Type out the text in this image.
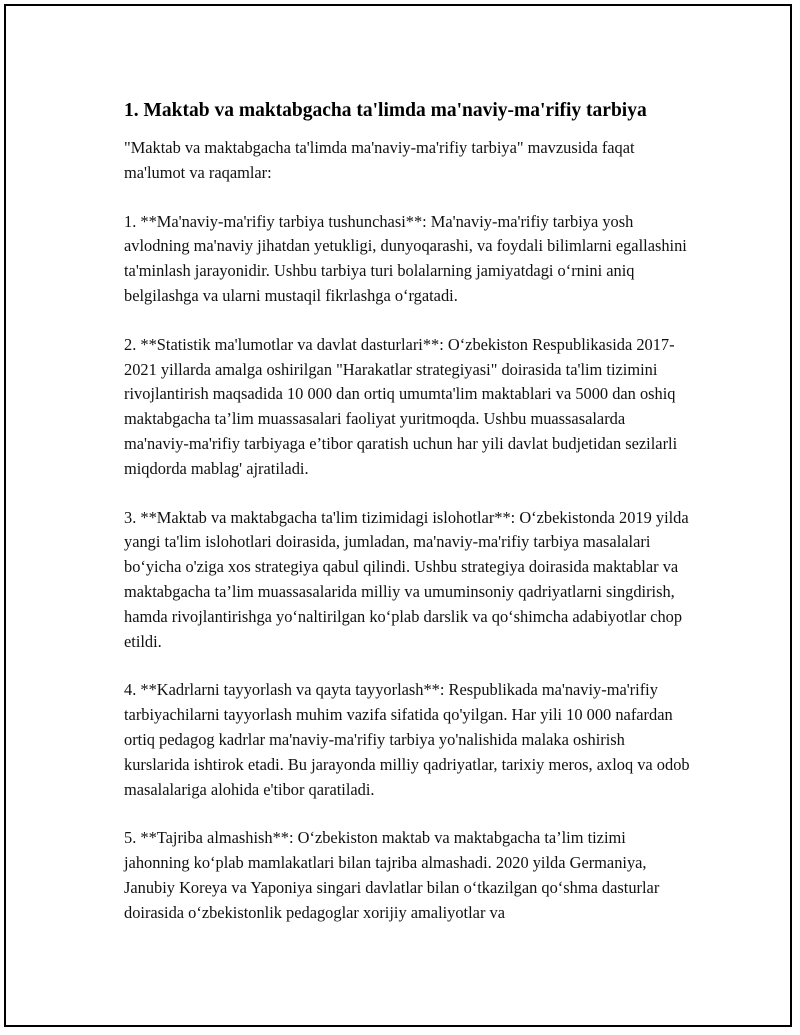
1. Maktab va maktabgacha ta'limda ma'naviy-ma'rifiy tarbiya

"Maktab va maktabgacha ta'limda ma'naviy-ma'rifiy tarbiya" mavzusida faqat ma'lumot va raqamlar:

1. **Ma'naviy-ma'rifiy tarbiya tushunchasi**: Ma'naviy-ma'rifiy tarbiya yosh avlodning ma'naviy jihatdan yetukligi, dunyoqarashi, va foydali bilimlarni egallashini ta'minlash jarayonidir. Ushbu tarbiya turi bolalarning jamiyatdagi o‘rnini aniq belgilashga va ularni mustaqil fikrlashga o‘rgatadi.

2. **Statistik ma'lumotlar va davlat dasturlari**: O‘zbekiston Respublikasida 2017-2021 yillarda amalga oshirilgan "Harakatlar strategiyasi" doirasida ta'lim tizimini rivojlantirish maqsadida 10 000 dan ortiq umumta'lim maktablari va 5000 dan oshiq maktabgacha ta’lim muassasalari faoliyat yuritmoqda. Ushbu muassasalarda ma'naviy-ma'rifiy tarbiyaga e’tibor qaratish uchun har yili davlat budjetidan sezilarli miqdorda mablag' ajratiladi.

3. **Maktab va maktabgacha ta'lim tizimidagi islohotlar**: O‘zbekistonda 2019 yilda yangi ta'lim islohotlari doirasida, jumladan, ma'naviy-ma'rifiy tarbiya masalalari bo‘yicha o'ziga xos strategiya qabul qilindi. Ushbu strategiya doirasida maktablar va maktabgacha ta’lim muassasalarida milliy va umuminsoniy qadriyatlarni singdirish, hamda rivojlantirishga yo‘naltirilgan ko‘plab darslik va qo‘shimcha adabiyotlar chop etildi.

4. **Kadrlarni tayyorlash va qayta tayyorlash**: Respublikada ma'naviy-ma'rifiy tarbiyachilarni tayyorlash muhim vazifa sifatida qo'yilgan. Har yili 10 000 nafardan ortiq pedagog kadrlar ma'naviy-ma'rifiy tarbiya yo'nalishida malaka oshirish kurslarida ishtirok etadi. Bu jarayonda milliy qadriyatlar, tarixiy meros, axloq va odob masalalariga alohida e'tibor qaratiladi.

5. **Tajriba almashish**: O‘zbekiston maktab va maktabgacha ta’lim tizimi jahonning ko‘plab mamlakatlari bilan tajriba almashadi. 2020 yilda Germaniya, Janubiy Koreya va Yaponiya singari davlatlar bilan o‘tkazilgan qo‘shma dasturlar doirasida o‘zbekistonlik pedagoglar xorijiy amaliyotlar va
